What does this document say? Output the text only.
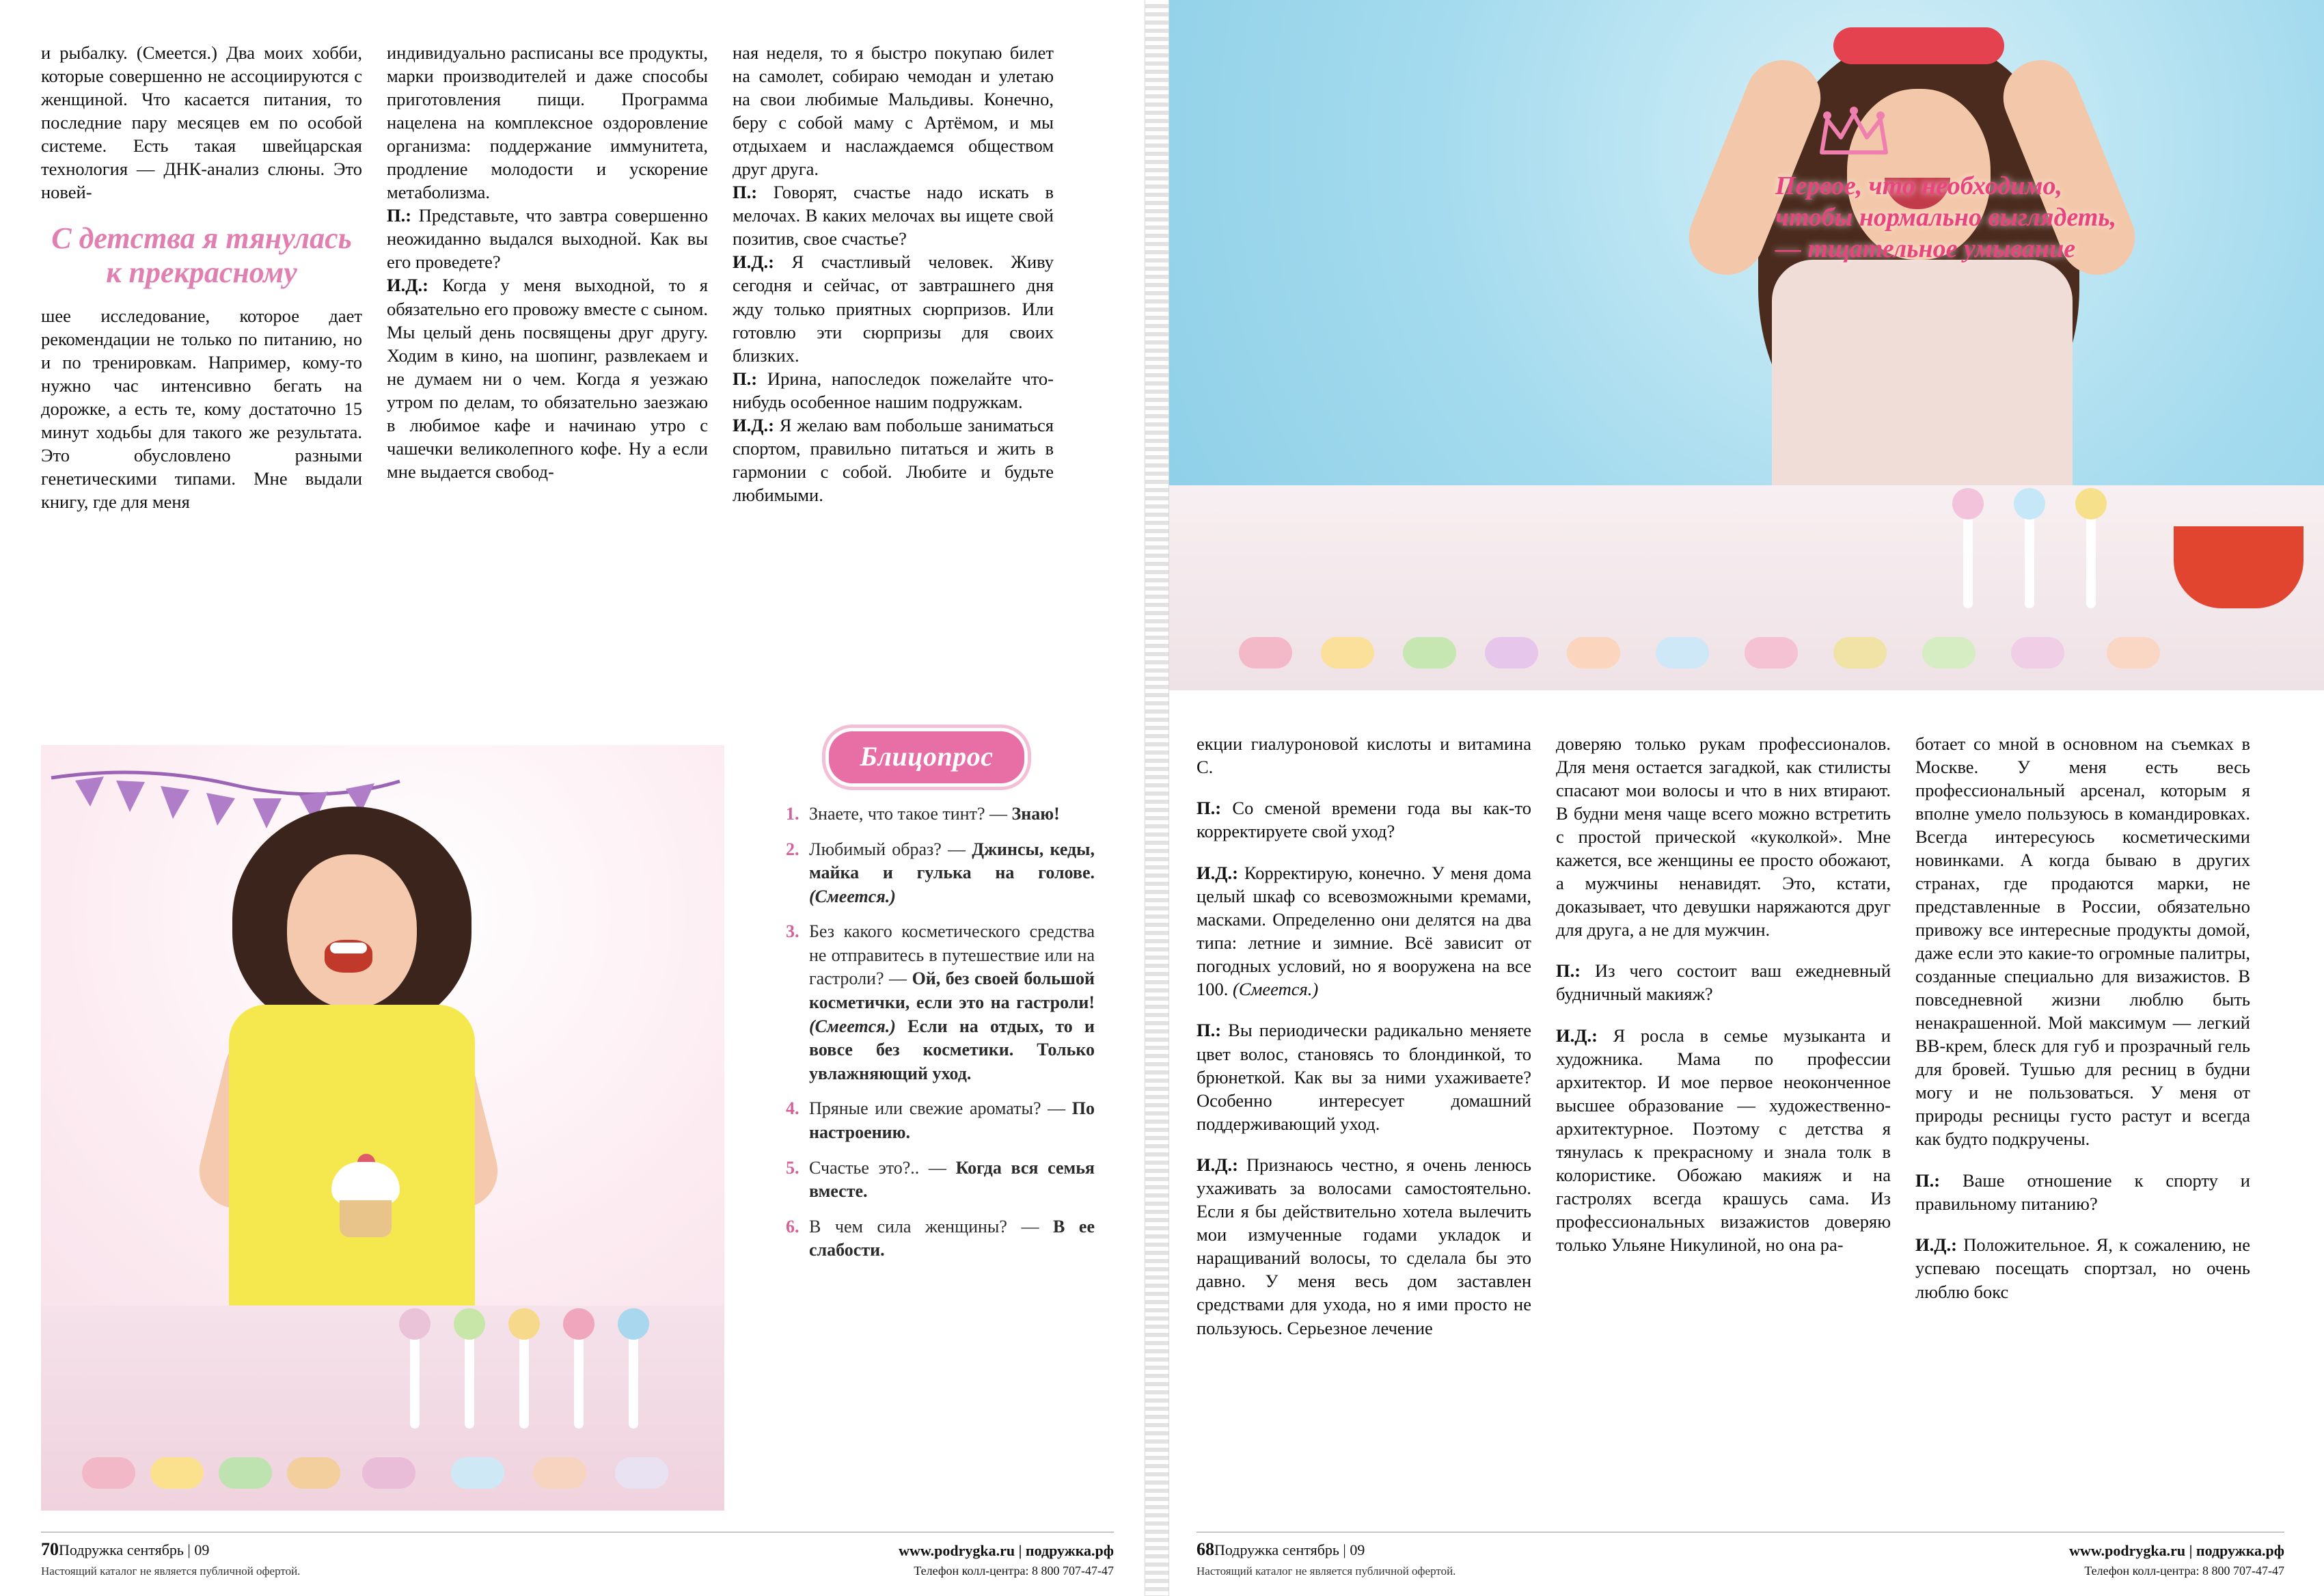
и рыбалку. (Смеется.) Два моих хобби, которые совершенно не ассоциируются с женщиной. Что касается питания, то последние пару месяцев ем по особой системе. Есть такая швейцарская технология — ДНК-анализ слюны. Это новей-

С детства я тянулась к прекрасному

шее исследование, которое дает рекомендации не только по питанию, но и по тренировкам. Например, кому-то нужно час интенсивно бегать на дорожке, а есть те, кому достаточно 15 минут ходьбы для такого же результата. Это обусловлено разными генетическими типами. Мне выдали книгу, где для меня

индивидуально расписаны все продукты, марки производителей и даже способы приготовления пищи. Программа нацелена на комплексное оздоровление организма: поддержание иммунитета, продление молодости и ускорение метаболизма.

П.: Представьте, что завтра совершенно неожиданно выдался выходной. Как вы его проведете?

И.Д.: Когда у меня выходной, то я обязательно его провожу вместе с сыном. Мы целый день посвящены друг другу. Ходим в кино, на шопинг, развлекаем и не думаем ни о чем. Когда я уезжаю утром по делам, то обязательно заезжаю в любимое кафе и начинаю утро с чашечки великолепного кофе. Ну а если мне выдается свобод-

ная неделя, то я быстро покупаю билет на самолет, собираю чемодан и улетаю на свои любимые Мальдивы. Конечно, беру с собой маму с Артёмом, и мы отдыхаем и наслаждаемся обществом друг друга.

П.: Говорят, счастье надо искать в мелочах. В каких мелочах вы ищете свой позитив, свое счастье?

И.Д.: Я счастливый человек. Живу сегодня и сейчас, от завтрашнего дня жду только приятных сюрпризов. Или готовлю эти сюрпризы для своих близких.

П.: Ирина, напоследок пожелайте что-нибудь особенное нашим подружкам.

И.Д.: Я желаю вам побольше заниматься спортом, правильно питаться и жить в гармонии с собой. Любите и будьте любимыми.

Блицопрос
1. Знаете, что такое тинт? — Знаю!
2. Любимый образ? — Джинсы, кеды, майка и гулька на голове. (Смеется.)
3. Без какого косметического средства не отправитесь в путешествие или на гастроли? — Ой, без своей большой косметички, если это на гастроли! (Смеется.) Если на отдых, то и вовсе без косметики. Только увлажняющий уход.
4. Пряные или свежие ароматы? — По настроению.
5. Счастье это?.. — Когда вся семья вместе.
6. В чем сила женщины? — В ее слабости.
70 Подружка сентябрь | 09
Настоящий каталог не является публичной офертой.
www.podrygka.ru | подружка.рф
Телефон колл-центра: 8 800 707-47-47
Первое, что необходимо, чтобы нормально выглядеть, — тщательное умывание

екции гиалуроновой кислоты и витамина С.

П.: Со сменой времени года вы как-то корректируете свой уход?

И.Д.: Корректирую, конечно. У меня дома целый шкаф со всевозможными кремами, масками. Определенно они делятся на два типа: летние и зимние. Всё зависит от погодных условий, но я вооружена на все 100. (Смеется.)

П.: Вы периодически радикально меняете цвет волос, становясь то блондинкой, то брюнеткой. Как вы за ними ухаживаете? Особенно интересует домашний поддерживающий уход.

И.Д.: Признаюсь честно, я очень ленюсь ухаживать за волосами самостоятельно. Если я бы действительно хотела вылечить мои измученные годами укладок и наращиваний волосы, то сделала бы это давно. У меня весь дом заставлен средствами для ухода, но я ими просто не пользуюсь. Серьезное лечение

доверяю только рукам профессионалов. Для меня остается загадкой, как стилисты спасают мои волосы и что в них втирают. В будни меня чаще всего можно встретить с простой прической «куколкой». Мне кажется, все женщины ее просто обожают, а мужчины ненавидят. Это, кстати, доказывает, что девушки наряжаются друг для друга, а не для мужчин.

П.: Из чего состоит ваш ежедневный будничный макияж?

И.Д.: Я росла в семье музыканта и художника. Мама по профессии архитектор. И мое первое неоконченное высшее образование — художественно-архитектурное. Поэтому с детства я тянулась к прекрасному и знала толк в колористике. Обожаю макияж и на гастролях всегда крашусь сама. Из профессиональных визажистов доверяю только Ульяне Никулиной, но она ра-

ботает со мной в основном на съемках в Москве. У меня есть весь профессиональный арсенал, которым я вполне умело пользуюсь в командировках. Всегда интересуюсь косметическими новинками. А когда бываю в других странах, где продаются марки, не представленные в России, обязательно привожу все интересные продукты домой, даже если это какие-то огромные палитры, созданные специально для визажистов. В повседневной жизни люблю быть ненакрашенной. Мой максимум — легкий ВВ-крем, блеск для губ и прозрачный гель для бровей. Тушью для ресниц в будни могу и не пользоваться. У меня от природы ресницы густо растут и всегда как будто подкручены.

П.: Ваше отношение к спорту и правильному питанию?

И.Д.: Положительное. Я, к сожалению, не успеваю посещать спортзал, но очень люблю бокс

68 Подружка сентябрь | 09
Настоящий каталог не является публичной офертой.
www.podrygka.ru | подружка.рф
Телефон колл-центра: 8 800 707-47-47
